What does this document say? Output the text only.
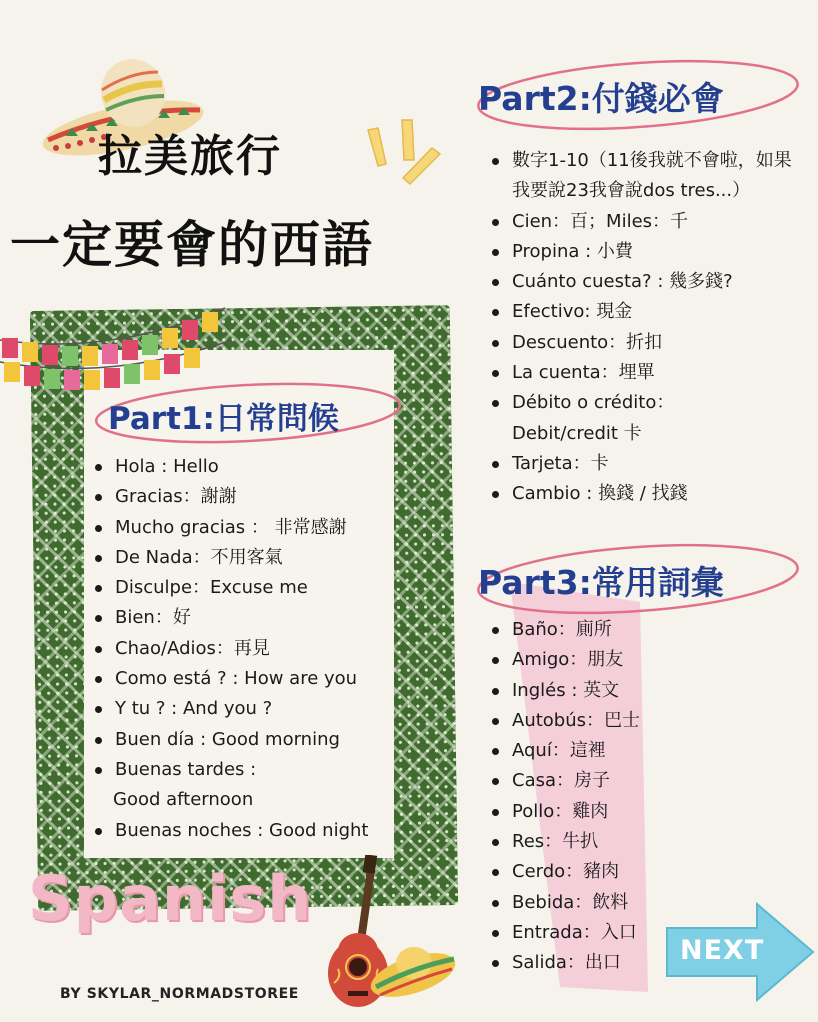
拉美旅行
一定要會的西語
Part1:日常問候
Hola : Hello
Gracias：謝謝
Mucho gracias ： 非常感謝
De Nada：不用客氣
Disculpe：Excuse me
Bien：好
Chao/Adios：再見
Como está ? : How are you
Y tu ? : And you ?
Buen día : Good morning
Buenas tardes :
Good afternoon
Buenas noches : Good night
Part2:付錢必會
數字1-10（11後我就不會啦，如果
我要說23我會說dos tres...）
Cien：百；Miles：千
Propina : 小費
Cuánto cuesta? : 幾多錢?
Efectivo: 現金
Descuento：折扣
La cuenta：埋單
Débito o crédito：
Debit/credit 卡
Tarjeta：卡
Cambio : 換錢 / 找錢
Part3:常用詞彙
Baño：廁所
Amigo：朋友
Inglés : 英文
Autobús：巴士
Aquí：這裡
Casa：房子
Pollo：雞肉
Res：牛扒
Cerdo：豬肉
Bebida：飲料
Entrada：入口
Salida：出口
Spanish
NEXT
BY SKYLAR_NORMADSTOREE
